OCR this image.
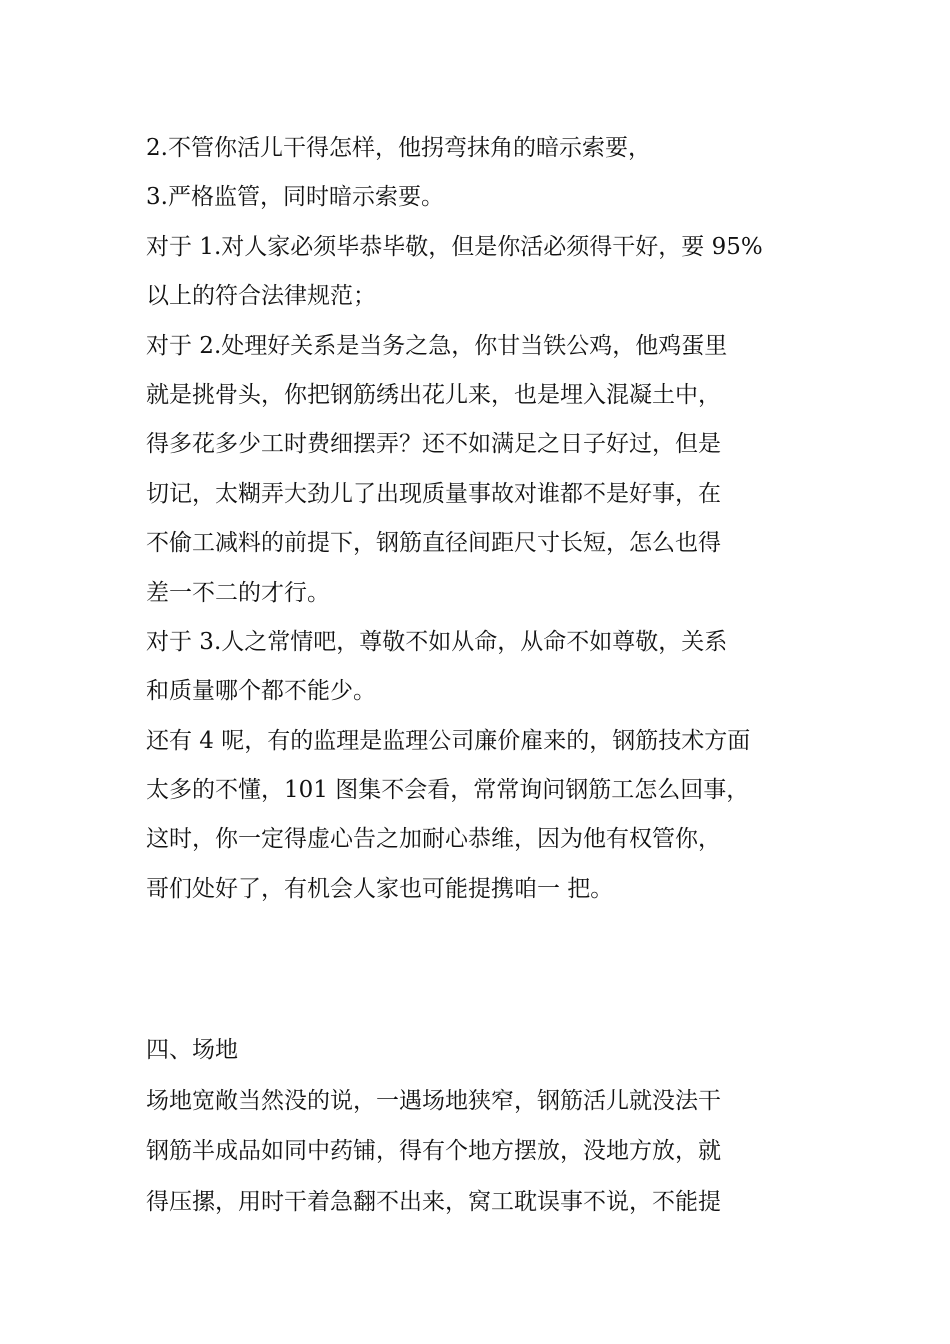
2.不管你活儿干得怎样，他拐弯抹角的暗示索要，
3.严格监管，同时暗示索要。
对于 1.对人家必须毕恭毕敬，但是你活必须得干好，要 95%
以上的符合法律规范；
对于 2.处理好关系是当务之急，你甘当铁公鸡，他鸡蛋里
就是挑骨头，你把钢筋绣出花儿来，也是埋入混凝土中，
得多花多少工时费细摆弄？还不如满足之日子好过，但是
切记，太糊弄大劲儿了出现质量事故对谁都不是好事，在
不偷工减料的前提下，钢筋直径间距尺寸长短，怎么也得
差一不二的才行。
对于 3.人之常情吧，尊敬不如从命，从命不如尊敬，关系
和质量哪个都不能少。
还有 4 呢，有的监理是监理公司廉价雇来的，钢筋技术方面
太多的不懂，101 图集不会看，常常询问钢筋工怎么回事，
这时，你一定得虚心告之加耐心恭维，因为他有权管你，
哥们处好了，有机会人家也可能提携咱一 把。
四、场地
场地宽敞当然没的说，一遇场地狭窄，钢筋活儿就没法干
钢筋半成品如同中药铺，得有个地方摆放，没地方放，就
得压摞，用时干着急翻不出来，窝工耽误事不说，不能提
